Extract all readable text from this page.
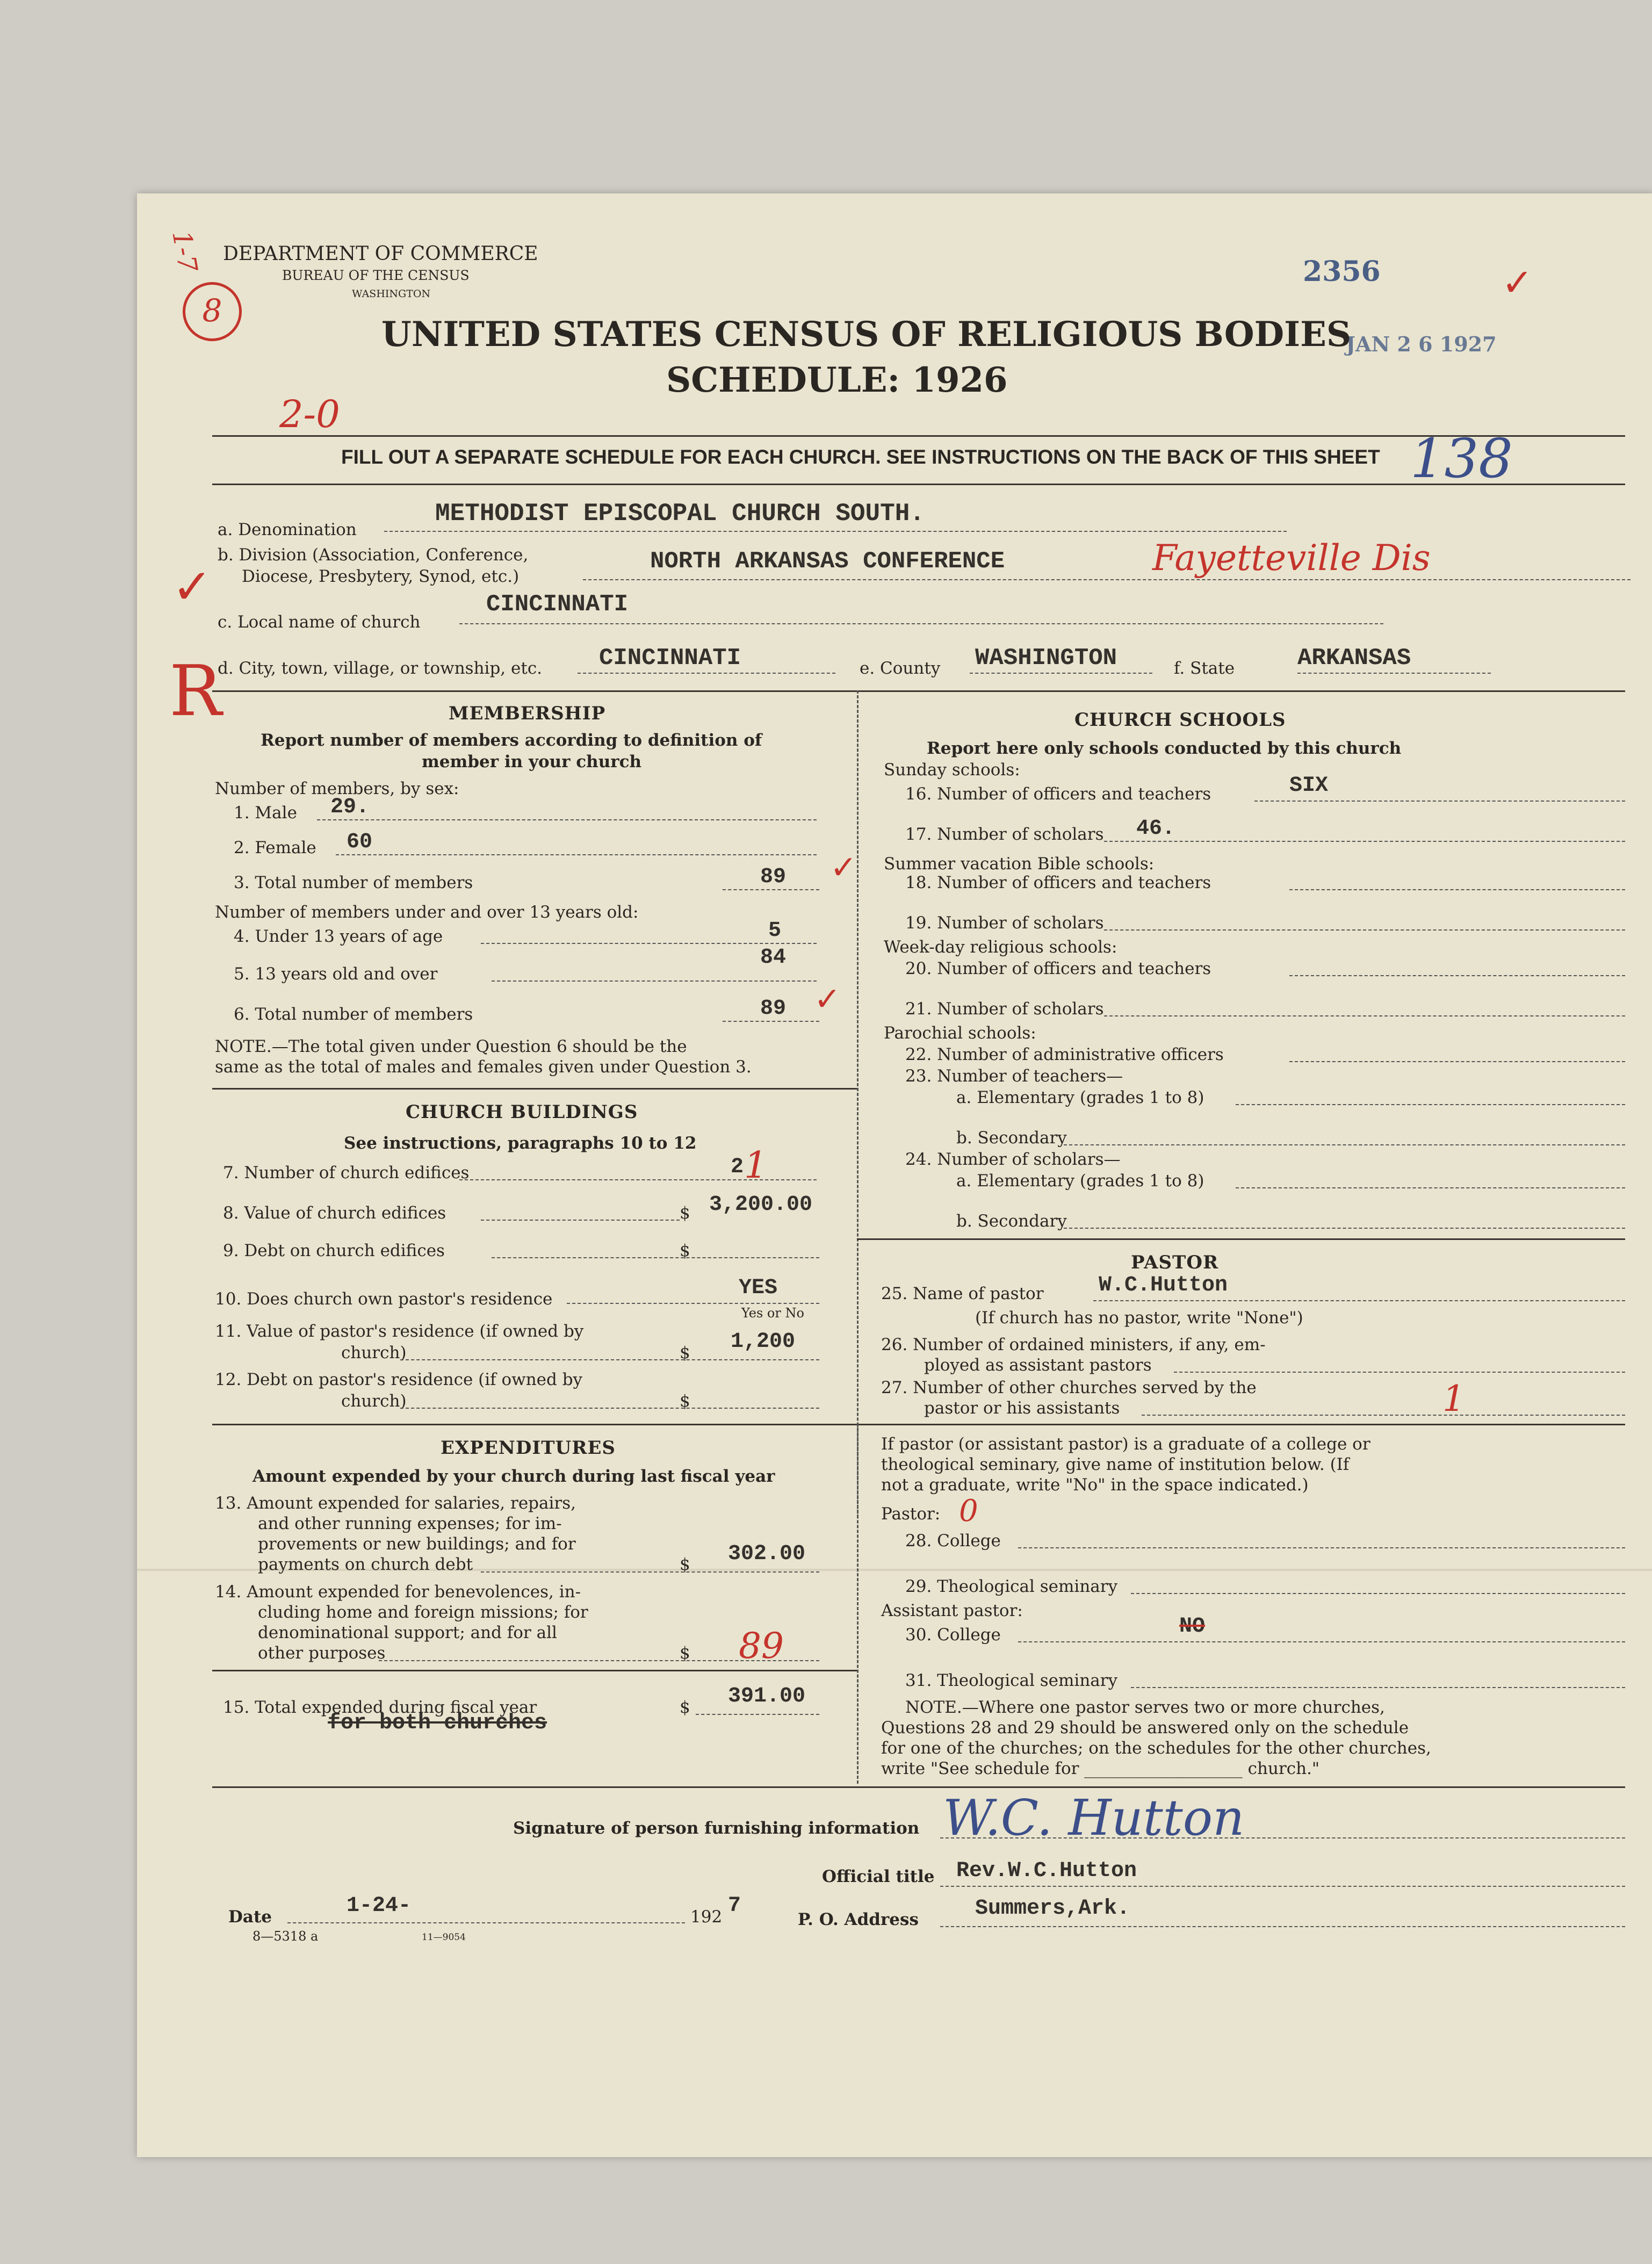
DEPARTMENT OF COMMERCE
BUREAU OF THE CENSUS
WASHINGTON
2356
JAN 2 6 1927
UNITED STATES CENSUS OF RELIGIOUS BODIES
SCHEDULE: 1926
FILL OUT A SEPARATE SCHEDULE FOR EACH CHURCH. SEE INSTRUCTIONS ON THE BACK OF THIS SHEET
8
1-7
2-0
138
✓
R
✓
a. Denomination
METHODIST EPISCOPAL CHURCH SOUTH.
b. Division (Association, Conference,
Diocese, Presbytery, Synod, etc.)
NORTH ARKANSAS CONFERENCE	Fayetteville Dis
c. Local name of church
CINCINNATI
d. City, town, village, or township, etc. CINCINNATI	e. County WASHINGTON	f. State	ARKANSAS
MEMBERSHIP
Report number of members according to definition of
member in your church
Number of members, by sex:
1. Male 29.
2. Female 60
3. Total number of members	89 ✓
Number of members under and over 13 years old:
4. Under 13 years of age	5
5. 13 years old and over
84
6. Total number of members	89 ✓
NOTE.—The total given under Question 6 should be the
same as the total of males and females given under Question 3.
CHURCH BUILDINGS
See instructions, paragraphs 10 to 12
7. Number of church edifices	2 1
8. Value of church edifices	$ 3,200.00
9. Debt on church edifices	$
10. Does church own pastor's residence	YES
Yes or No
11. Value of pastor's residence (if owned by
church)	$ 1,200
12. Debt on pastor's residence (if owned by
church)	$
EXPENDITURES
Amount expended by your church during last fiscal year
13. Amount expended for salaries, repairs,
and other running expenses; for im-
provements or new buildings; and for
payments on church debt	$ 302.00
14. Amount expended for benevolences, in-
cluding home and foreign missions; for
denominational support; and for all
other purposes	$ 89
15. Total expended during fiscal year
for both churches
$ 391.00
CHURCH SCHOOLS
Report here only schools conducted by this church
Sunday schools:
16. Number of officers and teachers	SIX
17. Number of scholars 46.
Summer vacation Bible schools:
18. Number of officers and teachers
19. Number of scholars
Week-day religious schools:
20. Number of officers and teachers
21. Number of scholars
Parochial schools:
22. Number of administrative officers
23. Number of teachers—
a. Elementary (grades 1 to 8)
b. Secondary
24. Number of scholars—
a. Elementary (grades 1 to 8)
b. Secondary
PASTOR
25. Name of pastor	W.C.Hutton
(If church has no pastor, write "None")
26. Number of ordained ministers, if any, em-
ployed as assistant pastors
27. Number of other churches served by the
pastor or his assistants	1
If pastor (or assistant pastor) is a graduate of a college or
theological seminary, give name of institution below. (If
not a graduate, write "No" in the space indicated.)
Pastor: 0
28. College
29. Theological seminary
Assistant pastor:
30. College	NO
31. Theological seminary
NOTE.—Where one pastor serves two or more churches,
Questions 28 and 29 should be answered only on the schedule
for one of the churches; on the schedules for the other churches,
write "See schedule for ___________________ church."
Signature of person furnishing information W.C. Hutton
Official title Rev.W.C.Hutton
Date	1-24-	192 7
P. O. Address	Summers,Ark.
8—5318 a	11—9054
